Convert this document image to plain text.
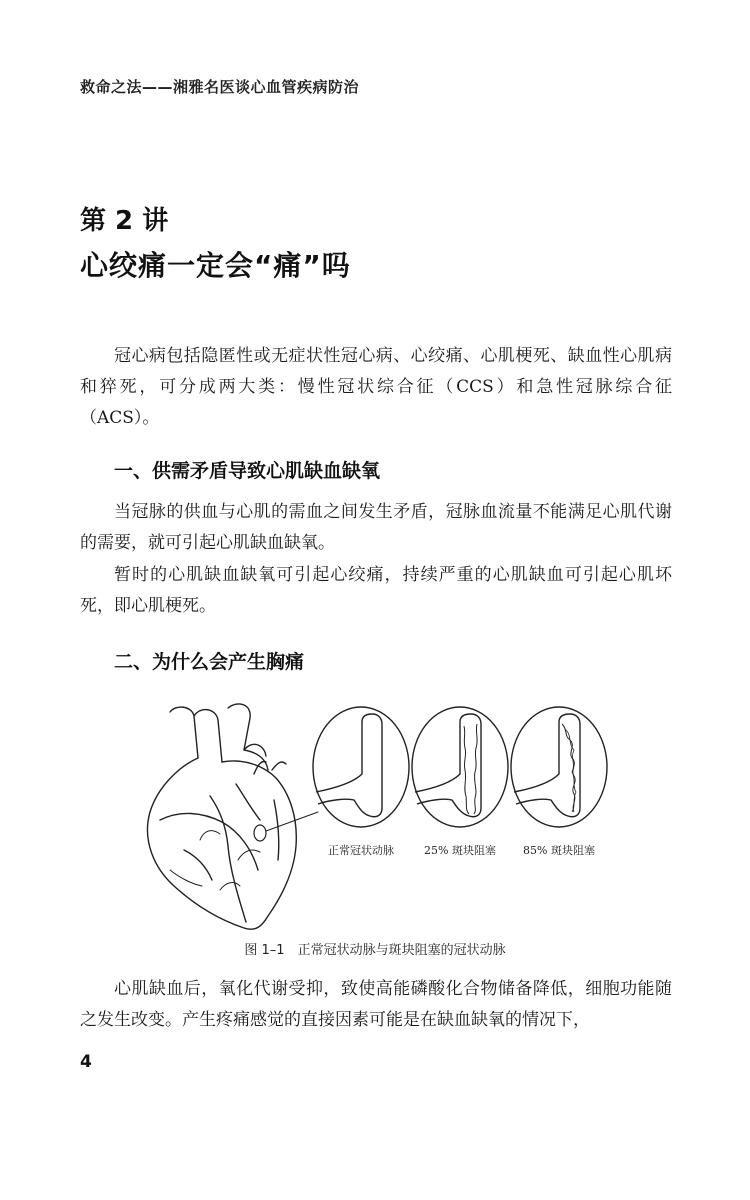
救命之法——湘雅名医谈心血管疾病防治
第 2 讲
心绞痛一定会“痛”吗

冠心病包括隐匿性或无症状性冠心病、心绞痛、心肌梗死、缺血性心肌病和猝死，可分成两大类：慢性冠状综合征（CCS）和急性冠脉综合征（ACS）。

一、供需矛盾导致心肌缺血缺氧

当冠脉的供血与心肌的需血之间发生矛盾，冠脉血流量不能满足心肌代谢的需要，就可引起心肌缺血缺氧。

暂时的心肌缺血缺氧可引起心绞痛，持续严重的心肌缺血可引起心肌坏死，即心肌梗死。

二、为什么会产生胸痛
正常冠状动脉	25% 斑块阻塞 85% 斑块阻塞
图 1–1　正常冠状动脉与斑块阻塞的冠状动脉

心肌缺血后，氧化代谢受抑，致使高能磷酸化合物储备降低，细胞功能随之发生改变。产生疼痛感觉的直接因素可能是在缺血缺氧的情况下，

4
